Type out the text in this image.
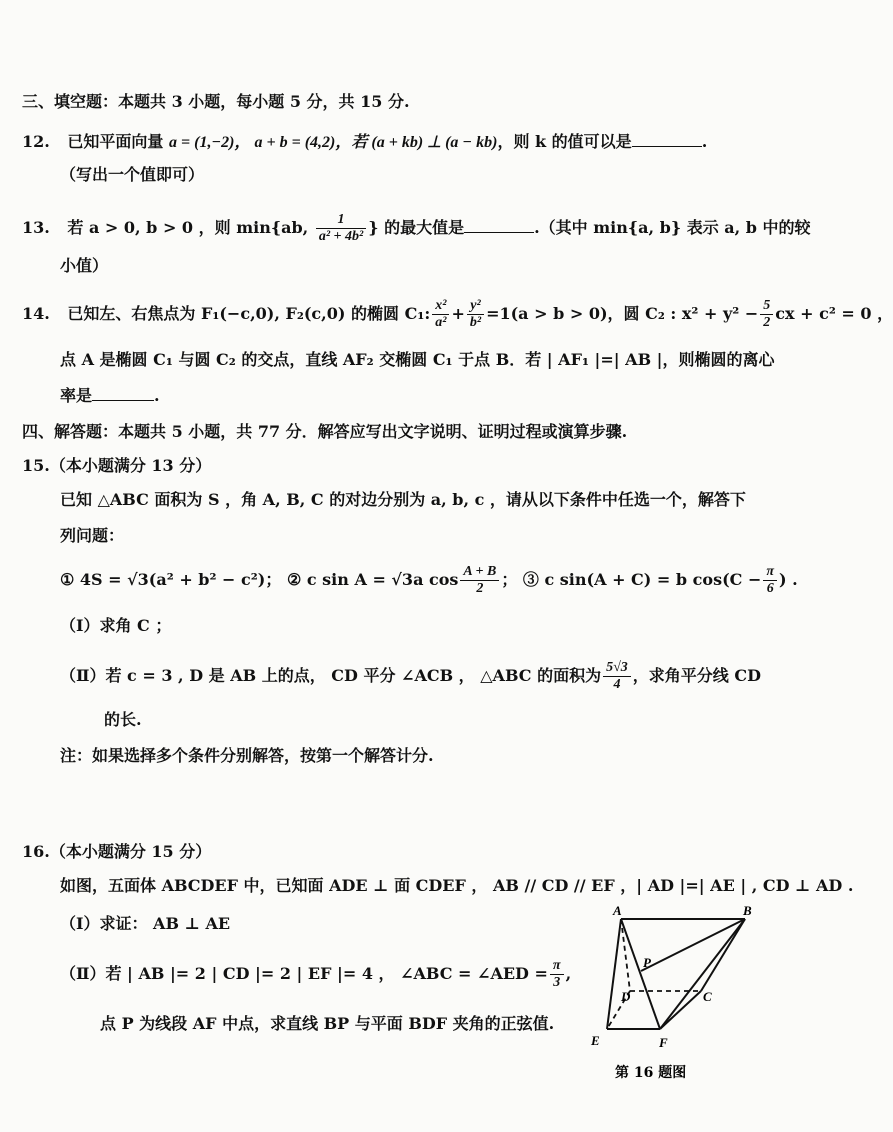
三、填空题：本题共 3 小题，每小题 5 分，共 15 分.
12. 已知平面向量 a = (1,−2)， a + b = (4,2)，若 (a + kb) ⊥ (a − kb)，则 k 的值可以是	.
（写出一个值即可）
13. 若 a > 0, b > 0 ，则 min{ab, $\frac{1}{\text{a² + 4b²}}$ } 的最大值是	.（其中 min{a, b} 表示 a, b 中的较
小值）
14. 已知左、右焦点为 F₁(−c,0), F₂(c,0) 的椭圆 C₁: $\frac{\text{x²}}{\text{a²}} + \frac{\text{y²}}{\text{b²}} =1(a > b > 0)$，圆 C₂ : $x^2 + y^2 - \frac{5}{2}$ cx + c² = 0 ，
点 A 是椭圆 C₁ 与圆 C₂ 的交点，直线 AF₂ 交椭圆 C₁ 于点 B．若 | AF₁ |=| AB |，则椭圆的离心
率是	.
四、解答题：本题共 5 小题，共 77 分．解答应写出文字说明、证明过程或演算步骤.
15.（本小题满分 13 分）
已知 △ABC 面积为 S ，角 A, B, C 的对边分别为 a, b, c ，请从以下条件中任选一个，解答下
列问题：
① 4S = √3(a² + b² − c²)； ② c sin A = √3a $\cos \frac{A + B}{2}$ ； ③ c sin(A + C) = b $\cos(C - \frac{\pi}{6}$ ) .
（Ⅰ）求角 C ；
（Ⅱ）若 c = 3 , D 是 AB 上的点， CD 平分 ∠ACB ， △ABC 的面积为 $\frac{5√3}{4}$ ，求角平分线 CD
的长.
注：如果选择多个条件分别解答，按第一个解答计分.
16.（本小题满分 15 分）
如图，五面体 ABCDEF 中，已知面 ADE ⊥ 面 CDEF ， AB // CD // EF ，| AD |=| AE | , CD ⊥ AD .
（Ⅰ）求证： AB ⊥ AE
（Ⅱ）若 | AB |= 2 | CD |= 2 | EF |= 4 ， ∠ABC = ∠AED = $\frac{\pi}{3}$ ,
点 P 为线段 AF 中点，求直线 BP 与平面 BDF 夹角的正弦值.
A	B
P
D	C
E	F
第 16 题图
